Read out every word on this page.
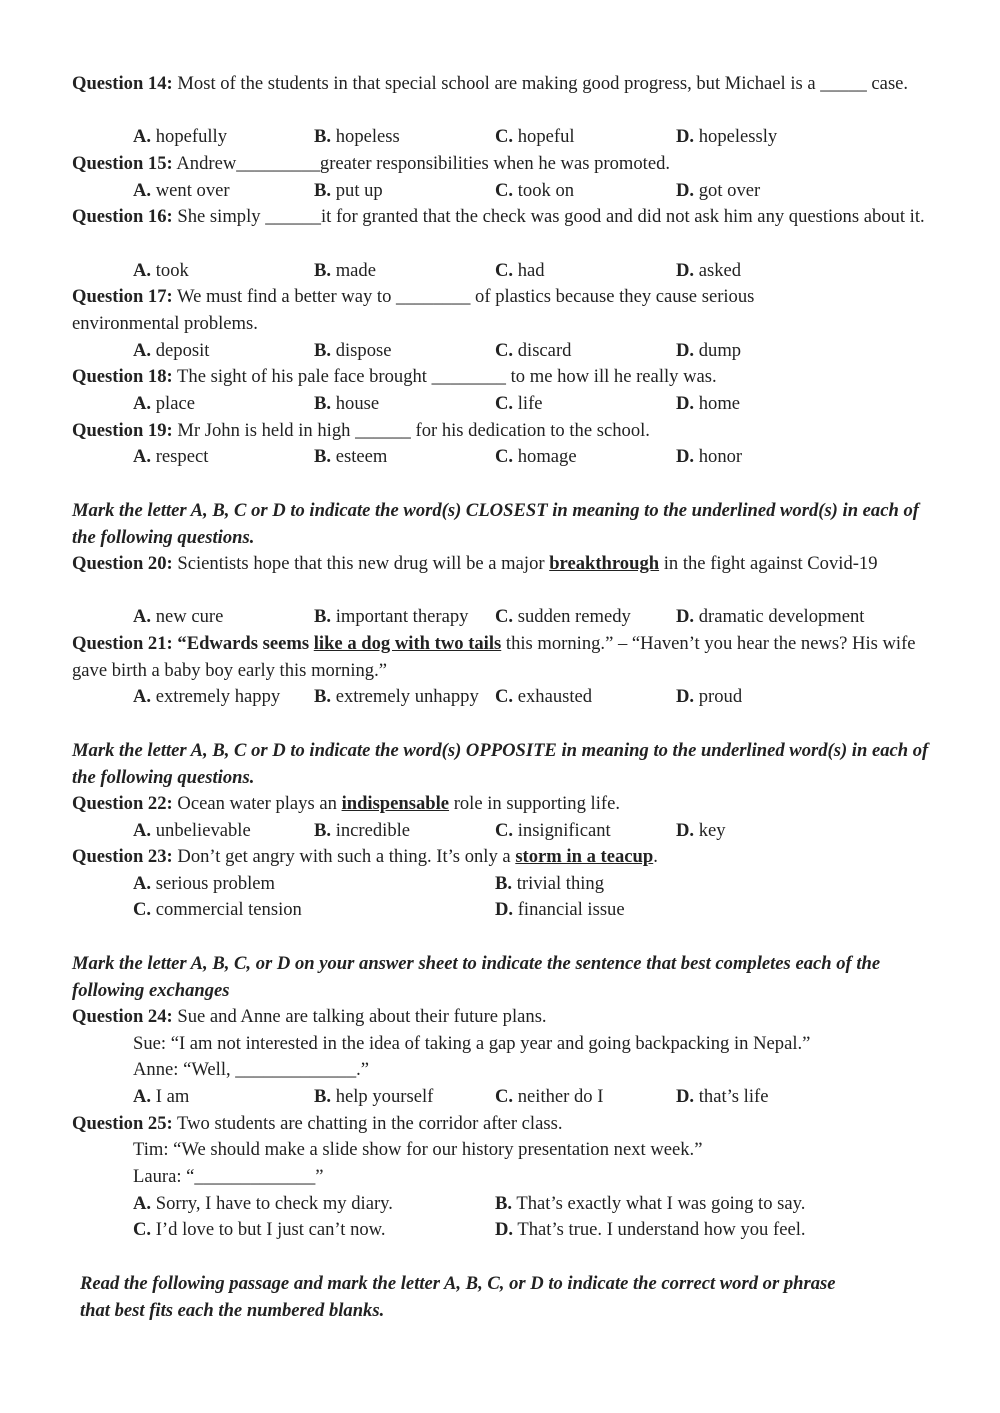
Question 14: Most of the students in that special school are making good progress, but Michael is a _____ case.
A. hopefully	B. hopeless	C. hopeful	D. hopelessly
Question 15: Andrew_________greater responsibilities when he was promoted.
A. went over	B. put up	C. took on	D. got over
Question 16: She simply ______it for granted that the check was good and did not ask him any questions about it.
A. took	B. made	C. had	D. asked
Question 17: We must find a better way to ________ of plastics because they cause serious
environmental problems.
A. deposit	B. dispose	C. discard	D. dump
Question 18: The sight of his pale face brought ________ to me how ill he really was.
A. place	B. house	C. life	D. home
Question 19: Mr John is held in high ______ for his dedication to the school.
A. respect	B. esteem	C. homage	D. honor
Mark the letter A, B, C or D to indicate the word(s) CLOSEST in meaning to the underlined word(s) in each of the following questions.
Question 20: Scientists hope that this new drug will be a major breakthrough in the fight against Covid-19
A. new cure	B. important therapy C. sudden remedy D. dramatic development
Question 21: “Edwards seems like a dog with two tails this morning.” – “Haven’t you hear the news? His wife gave birth a baby boy early this morning.”
A. extremely happy B. extremely unhappy C. exhausted	D. proud
Mark the letter A, B, C or D to indicate the word(s) OPPOSITE in meaning to the underlined word(s) in each of the following questions.
Question 22: Ocean water plays an indispensable role in supporting life.
A. unbelievable	B. incredible	C. insignificant	D. key
Question 23: Don’t get angry with such a thing. It’s only a storm in a teacup.
A. serious problem	B. trivial thing
C. commercial tension	D. financial issue
Mark the letter A, B, C, or D on your answer sheet to indicate the sentence that best completes each of the following exchanges
Question 24: Sue and Anne are talking about their future plans.
Sue: “I am not interested in the idea of taking a gap year and going backpacking in Nepal.”
Anne: “Well, _____________.”
A. I am	B. help yourself	C. neither do I	D. that’s life
Question 25: Two students are chatting in the corridor after class.
Tim: “We should make a slide show for our history presentation next week.”
Laura: “_____________”
A. Sorry, I have to check my diary.	B. That’s exactly what I was going to say.
C. I’d love to but I just can’t now.	D. That’s true. I understand how you feel.
Read the following passage and mark the letter A, B, C, or D to indicate the correct word or phrase that best fits each the numbered blanks.
